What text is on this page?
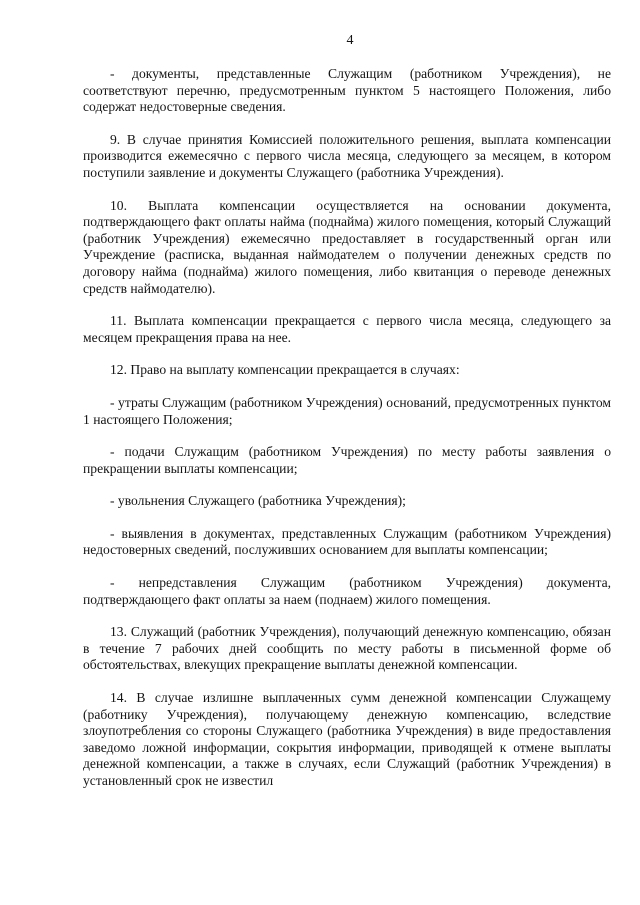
4

- документы, представленные Служащим (работником Учреждения), не соответствуют перечню, предусмотренным пунктом 5 настоящего Положения, либо содержат недостоверные сведения.

9. В случае принятия Комиссией положительного решения, выплата компенсации производится ежемесячно с первого числа месяца, следующего за месяцем, в котором поступили заявление и документы Служащего (работника Учреждения).

10. Выплата компенсации осуществляется на основании документа, подтверждающего факт оплаты найма (поднайма) жилого помещения, который Служащий (работник Учреждения) ежемесячно предоставляет в государственный орган или Учреждение (расписка, выданная наймодателем о получении денежных средств по договору найма (поднайма) жилого помещения, либо квитанция о переводе денежных средств наймодателю).

11. Выплата компенсации прекращается с первого числа месяца, следующего за месяцем прекращения права на нее.

12. Право на выплату компенсации прекращается в случаях:

- утраты Служащим (работником Учреждения) оснований, предусмотренных пунктом 1 настоящего Положения;

- подачи Служащим (работником Учреждения) по месту работы заявления о прекращении выплаты компенсации;

- увольнения Служащего (работника Учреждения);

- выявления в документах, представленных Служащим (работником Учреждения) недостоверных сведений, послуживших основанием для выплаты компенсации;

- непредставления Служащим (работником Учреждения) документа, подтверждающего факт оплаты за наем (поднаем) жилого помещения.

13. Служащий (работник Учреждения), получающий денежную компенсацию, обязан в течение 7 рабочих дней сообщить по месту работы в письменной форме об обстоятельствах, влекущих прекращение выплаты денежной компенсации.

14. В случае излишне выплаченных сумм денежной компенсации Служащему (работнику Учреждения), получающему денежную компенсацию, вследствие злоупотребления со стороны Служащего (работника Учреждения) в виде предоставления заведомо ложной информации, сокрытия информации, приводящей к отмене выплаты денежной компенсации, а также в случаях, если Служащий (работник Учреждения) в установленный срок не известил
